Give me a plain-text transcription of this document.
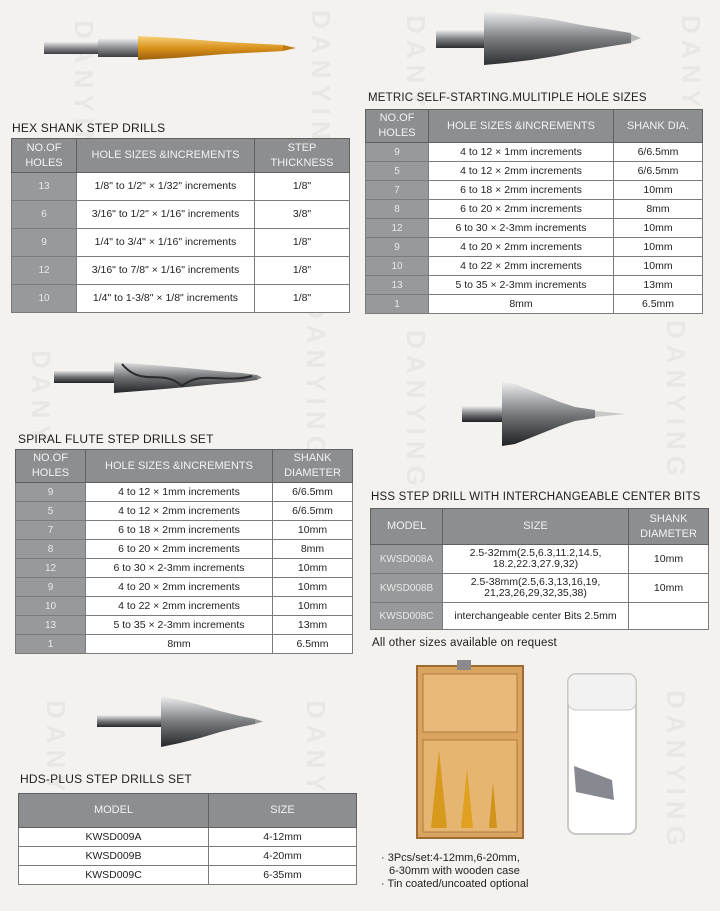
HEX SHANK STEP DRILLS
NO.OF HOLES	HOLE SIZES &INCREMENTS	STEP THICKNESS
13	1/8" to 1/2" × 1/32" increments	1/8"
6	3/16" to 1/2" × 1/16" increments	3/8"
9	1/4" to 3/4" × 1/16" increments	1/8"
12	3/16" to 7/8" × 1/16" increments	1/8"
10	1/4" to 1-3/8" × 1/8" increments	1/8"
METRIC SELF-STARTING.MULITIPLE HOLE SIZES
NO.OF HOLES	HOLE SIZES &INCREMENTS	SHANK DIA.
9	4 to 12 × 1mm increments	6/6.5mm
5	4 to 12 × 2mm increments	6/6.5mm
7	6 to 18 × 2mm increments	10mm
8	6 to 20 × 2mm increments	8mm
12	6 to 30 × 2-3mm increments	10mm
9	4 to 20 × 2mm increments	10mm
10	4 to 22 × 2mm increments	10mm
13	5 to 35 × 2-3mm increments	13mm
1	8mm	6.5mm
SPIRAL FLUTE STEP DRILLS SET
NO.OF HOLES	HOLE SIZES &INCREMENTS	SHANK DIAMETER
9	4 to 12 × 1mm increments	6/6.5mm
5	4 to 12 × 2mm increments	6/6.5mm
7	6 to 18 × 2mm increments	10mm
8	6 to 20 × 2mm increments	8mm
12	6 to 30 × 2-3mm increments	10mm
9	4 to 20 × 2mm increments	10mm
10	4 to 22 × 2mm increments	10mm
13	5 to 35 × 2-3mm increments	13mm
1	8mm	6.5mm
HSS STEP DRILL WITH INTERCHANGEABLE CENTER BITS
MODEL	SIZE	SHANK DIAMETER
KWSD008A	2.5-32mm(2.5,6.3,11.2,14.5, 18.2,22.3,27.9,32)	10mm
KWSD008B	2.5-38mm(2.5,6.3,13,16,19, 21,23,26,29,32,35,38)	10mm
KWSD008C	interchangeable center Bits 2.5mm	
All other sizes available on request
HDS-PLUS STEP DRILLS SET
MODEL	SIZE
KWSD009A	4-12mm
KWSD009B	4-20mm
KWSD009C	6-35mm
· 3Pcs/set:4-12mm,6-20mm,
6-30mm with wooden case
· Tin coated/uncoated optional
